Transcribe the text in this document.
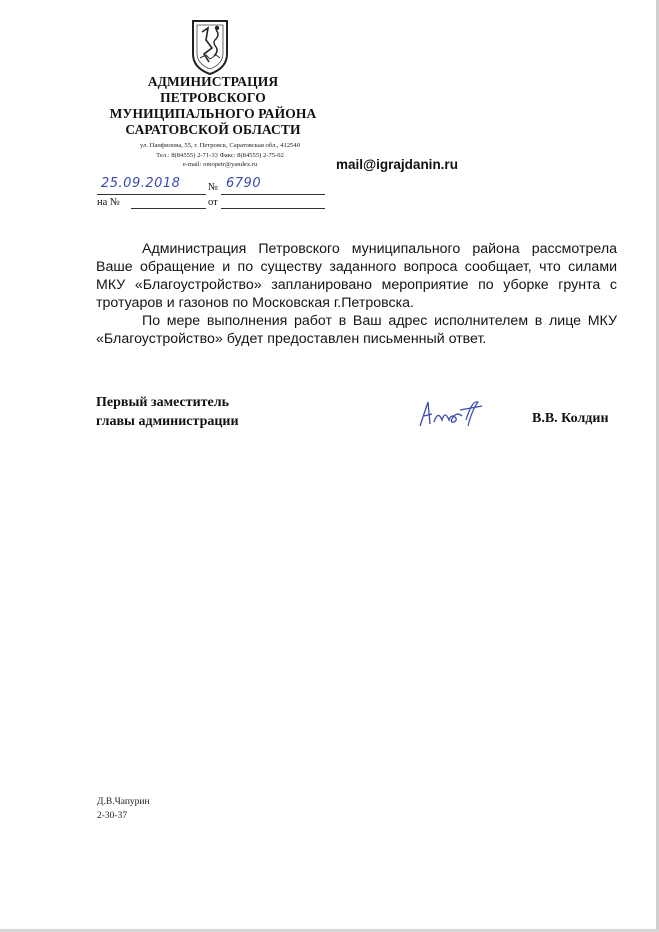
АДМИНИСТРАЦИЯ
ПЕТРОВСКОГО
МУНИЦИПАЛЬНОГО РАЙОНА
САРАТОВСКОЙ ОБЛАСТИ
ул. Панфилова, 55, г. Петровск, Саратовская обл., 412540
Тел.: 8(84555) 2-71-33 Факс: 8(84555) 2-75-02
e-mail: omopetr@yandex.ru	mail@igrajdanin.ru
25.09.2018	№ 6790
на №	от

Администрация Петровского муниципального района рассмотрела Ваше обращение и по существу заданного вопроса сообщает, что силами МКУ «Благоустройство» запланировано мероприятие по уборке грунта с тротуаров и газонов по Московская г.Петровска.

По мере выполнения работ в Ваш адрес исполнителем в лице МКУ «Благоустройство» будет предоставлен письменный ответ.

Первый заместитель
главы администрации	В.В. Колдин
Д.В.Чапурин
2-30-37
